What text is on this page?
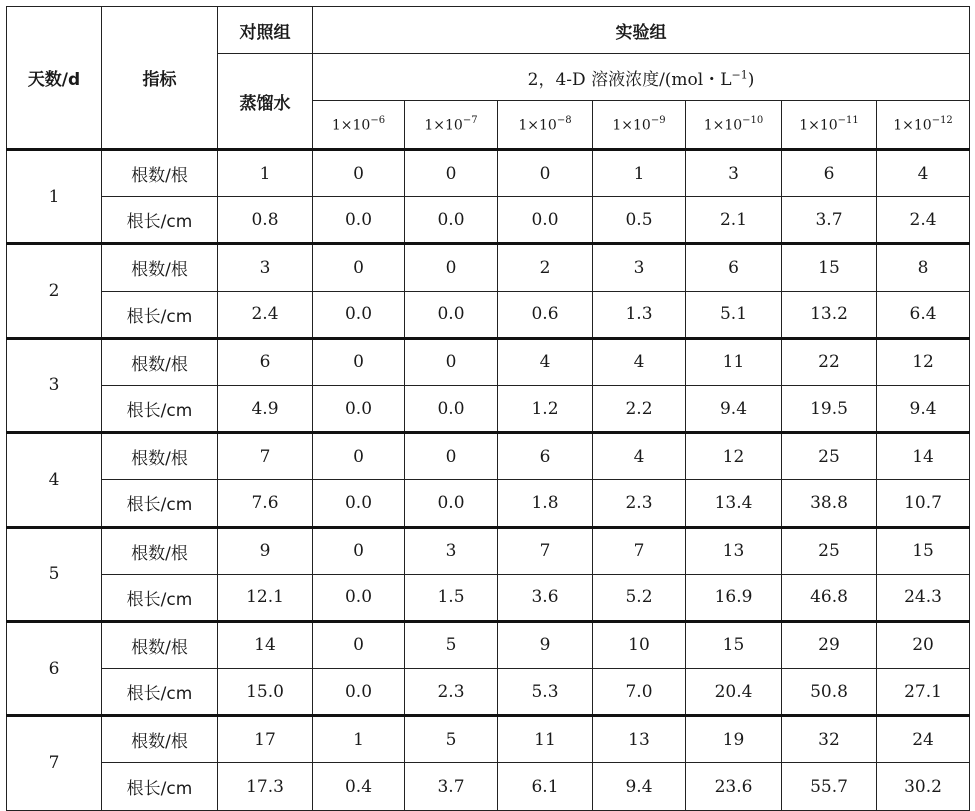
天数/d	指标	对照组	实验组						
		蒸馏水	2，4-D 溶液浓度/(mol・$L^{-1}$)						
			$1\times 10^{-6}$	$1\times 10^{-7}$	$1\times 10^{-8}$	$1\times 10^{-9}$	$1\times 10^{-10}$	$1\times 10^{-11}$	$1\times 10^{-12}$
1	根数/根	1	0	0	0	1	3	6	4
	根长/cm	0.8	0.0	0.0	0.0	0.5	2.1	3.7	2.4
2	根数/根	3	0	0	2	3	6	15	8
	根长/cm	2.4	0.0	0.0	0.6	1.3	5.1	13.2	6.4
3	根数/根	6	0	0	4	4	11	22	12
	根长/cm	4.9	0.0	0.0	1.2	2.2	9.4	19.5	9.4
4	根数/根	7	0	0	6	4	12	25	14
	根长/cm	7.6	0.0	0.0	1.8	2.3	13.4	38.8	10.7
5	根数/根	9	0	3	7	7	13	25	15
	根长/cm	12.1	0.0	1.5	3.6	5.2	16.9	46.8	24.3
6	根数/根	14	0	5	9	10	15	29	20
	根长/cm	15.0	0.0	2.3	5.3	7.0	20.4	50.8	27.1
7	根数/根	17	1	5	11	13	19	32	24
	根长/cm	17.3	0.4	3.7	6.1	9.4	23.6	55.7	30.2
